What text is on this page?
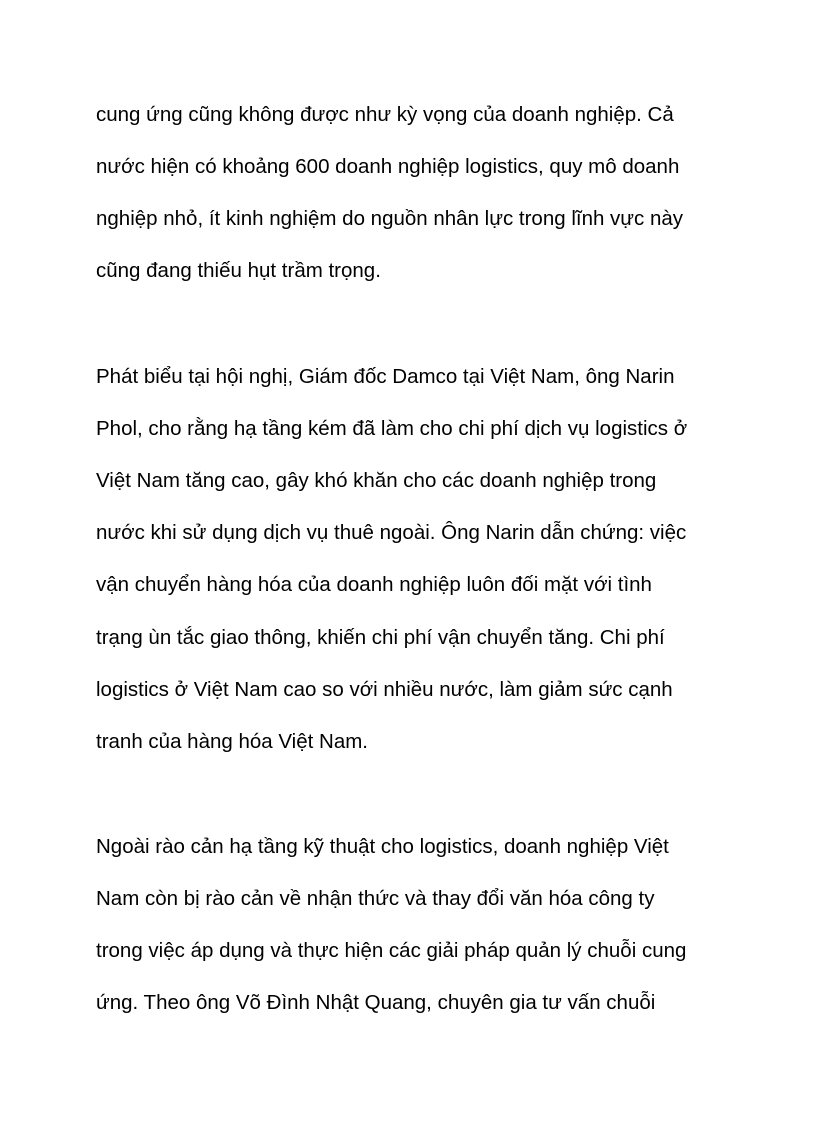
cung ứng cũng không được như kỳ vọng của doanh nghiệp. Cả
nước hiện có khoảng 600 doanh nghiệp logistics, quy mô doanh
nghiệp nhỏ, ít kinh nghiệm do nguồn nhân lực trong lĩnh vực này
cũng đang thiếu hụt trầm trọng.
Phát biểu tại hội nghị, Giám đốc Damco tại Việt Nam, ông Narin
Phol, cho rằng hạ tầng kém đã làm cho chi phí dịch vụ logistics ở
Việt Nam tăng cao, gây khó khăn cho các doanh nghiệp trong
nước khi sử dụng dịch vụ thuê ngoài. Ông Narin dẫn chứng: việc
vận chuyển hàng hóa của doanh nghiệp luôn đối mặt với tình
trạng ùn tắc giao thông, khiến chi phí vận chuyển tăng. Chi phí
logistics ở Việt Nam cao so với nhiều nước, làm giảm sức cạnh
tranh của hàng hóa Việt Nam.
Ngoài rào cản hạ tầng kỹ thuật cho logistics, doanh nghiệp Việt
Nam còn bị rào cản về nhận thức và thay đổi văn hóa công ty
trong việc áp dụng và thực hiện các giải pháp quản lý chuỗi cung
ứng. Theo ông Võ Đình Nhật Quang, chuyên gia tư vấn chuỗi
